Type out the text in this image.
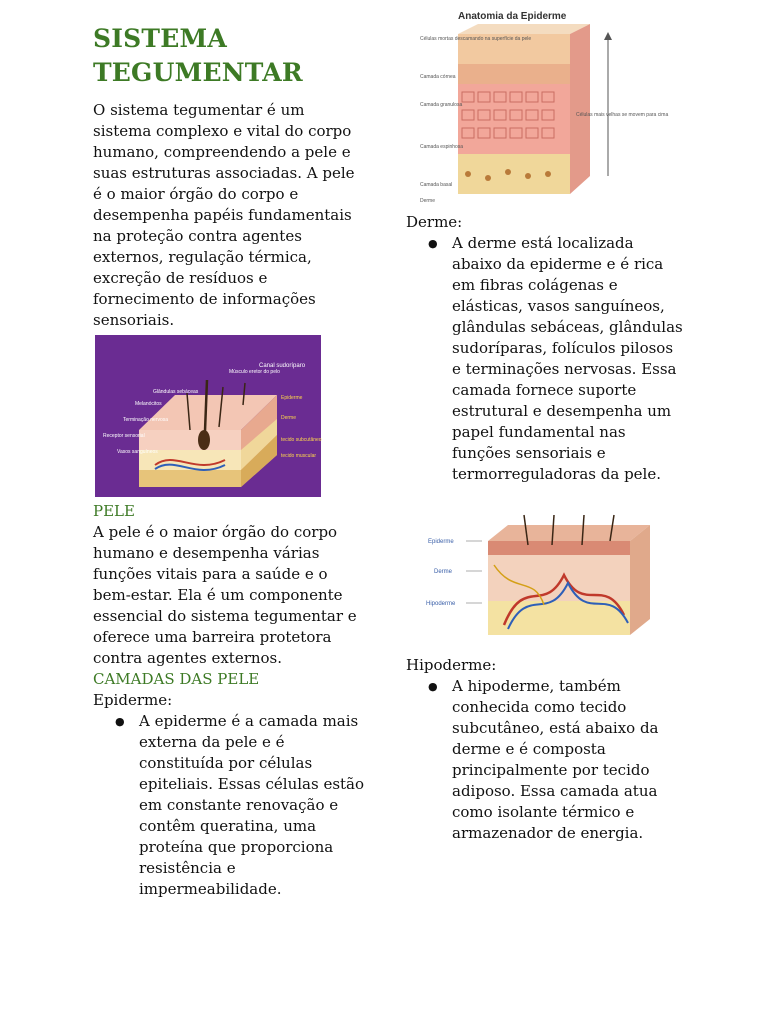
SISTEMA
TEGUMENTAR

O sistema tegumentar é um sistema complexo e vital do corpo humano, compreendendo a pele e suas estruturas associadas. A pele é o maior órgão do corpo e desempenha papéis fundamentais na proteção contra agentes externos, regulação térmica, excreção de resíduos e fornecimento de informações sensoriais.

Canal sudoríparo
Músculo eretor do pelo
Glândulas sebáceas
Melanócitos
Terminação nervosa
Receptor sensorial
Vasos sanguíneos
Epiderme
Derme
tecido subcutâneo
tecido muscular
PELE

A pele é o maior órgão do corpo humano e desempenha várias funções vitais para a saúde e o bem-estar. Ela é um componente essencial do sistema tegumentar e oferece uma barreira protetora contra agentes externos.

CAMADAS DAS PELE
Epiderme:
● A epiderme é a camada mais externa da pele e é constituída por células epiteliais. Essas células estão em constante renovação e contêm queratina, uma proteína que proporciona resistência e impermeabilidade.
Anatomia da Epiderme
Células mortas descamando na superfície da pele
Camada córnea
Camada granulosa
Camada espinhosa
Camada basal
Derme
Células mais velhas se movem para cima
Derme:
● A derme está localizada abaixo da epiderme e é rica em fibras colágenas e elásticas, vasos sanguíneos, glândulas sebáceas, glândulas sudoríparas, folículos pilosos e terminações nervosas. Essa camada fornece suporte estrutural e desempenha um papel fundamental nas funções sensoriais e termorreguladoras da pele.
Epiderme
Derme
Hipoderme
Hipoderme:
● A hipoderme, também conhecida como tecido subcutâneo, está abaixo da derme e é composta principalmente por tecido adiposo. Essa camada atua como isolante térmico e armazenador de energia.
